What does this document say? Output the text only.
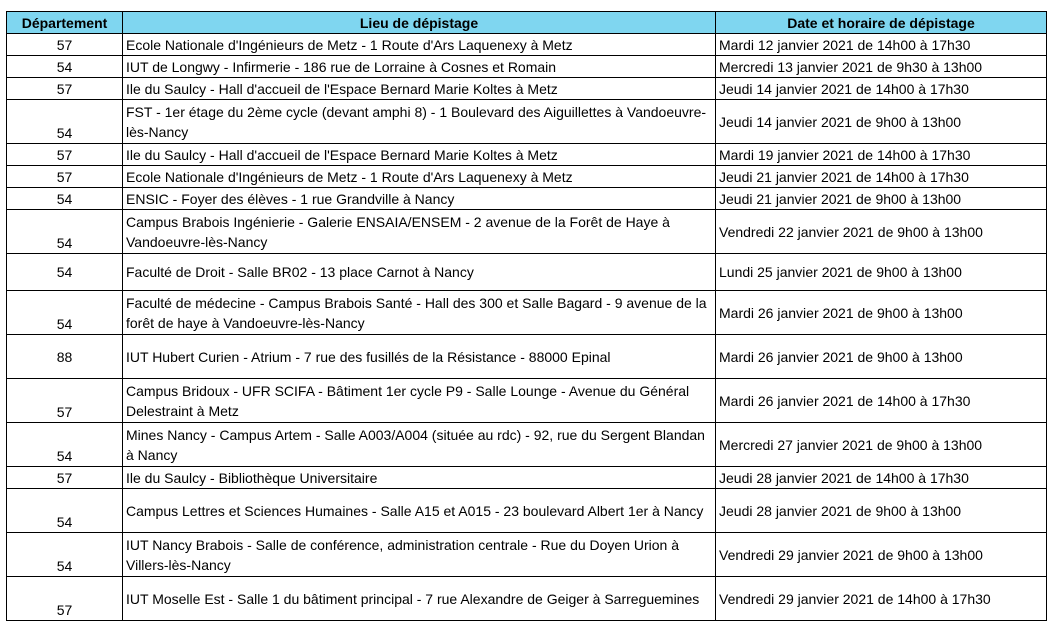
Département	Lieu de dépistage	Date et horaire de dépistage
57	Ecole Nationale d'Ingénieurs de Metz - 1 Route d'Ars Laquenexy à Metz	Mardi 12 janvier 2021 de 14h00 à 17h30
54	IUT de Longwy - Infirmerie - 186 rue de Lorraine à Cosnes et Romain	Mercredi 13 janvier 2021 de 9h30 à 13h00
57	Ile du Saulcy - Hall d'accueil de l'Espace Bernard Marie Koltes à Metz	Jeudi 14 janvier 2021 de 14h00 à 17h30
54	FST - 1er étage du 2ème cycle (devant amphi 8) - 1 Boulevard des Aiguillettes à Vandoeuvre-lès-Nancy	Jeudi 14 janvier 2021 de 9h00 à 13h00
57	Ile du Saulcy - Hall d'accueil de l'Espace Bernard Marie Koltes à Metz	Mardi 19 janvier 2021 de 14h00 à 17h30
57	Ecole Nationale d'Ingénieurs de Metz - 1 Route d'Ars Laquenexy à Metz	Jeudi 21 janvier 2021 de 14h00 à 17h30
54	ENSIC - Foyer des élèves - 1 rue Grandville à Nancy	Jeudi 21 janvier 2021 de 9h00 à 13h00
54	Campus Brabois Ingénierie - Galerie ENSAIA/ENSEM - 2 avenue de la Forêt de Haye à Vandoeuvre-lès-Nancy	Vendredi 22 janvier 2021 de 9h00 à 13h00
54	Faculté de Droit - Salle BR02 - 13 place Carnot à Nancy	Lundi 25 janvier 2021 de 9h00 à 13h00
54	Faculté de médecine - Campus Brabois Santé - Hall des 300 et Salle Bagard - 9 avenue de la forêt de haye à Vandoeuvre-lès-Nancy	Mardi 26 janvier 2021 de 9h00 à 13h00
88	IUT Hubert Curien - Atrium - 7 rue des fusillés de la Résistance - 88000 Epinal	Mardi 26 janvier 2021 de 9h00 à 13h00
57	Campus Bridoux - UFR SCIFA - Bâtiment 1er cycle P9 - Salle Lounge - Avenue du Général Delestraint à Metz	Mardi 26 janvier 2021 de 14h00 à 17h30
54	Mines Nancy - Campus Artem - Salle A003/A004 (située au rdc) - 92, rue du Sergent Blandan à Nancy	Mercredi 27 janvier 2021 de 9h00 à 13h00
57	Ile du Saulcy - Bibliothèque Universitaire	Jeudi 28 janvier 2021 de 14h00 à 17h30
54	Campus Lettres et Sciences Humaines - Salle A15 et A015 - 23 boulevard Albert 1er à Nancy	Jeudi 28 janvier 2021 de 9h00 à 13h00
54	IUT Nancy Brabois - Salle de conférence, administration centrale - Rue du Doyen Urion à Villers-lès-Nancy	Vendredi 29 janvier 2021 de 9h00 à 13h00
57	IUT Moselle Est - Salle 1 du bâtiment principal - 7 rue Alexandre de Geiger à Sarreguemines	Vendredi 29 janvier 2021 de 14h00 à 17h30
